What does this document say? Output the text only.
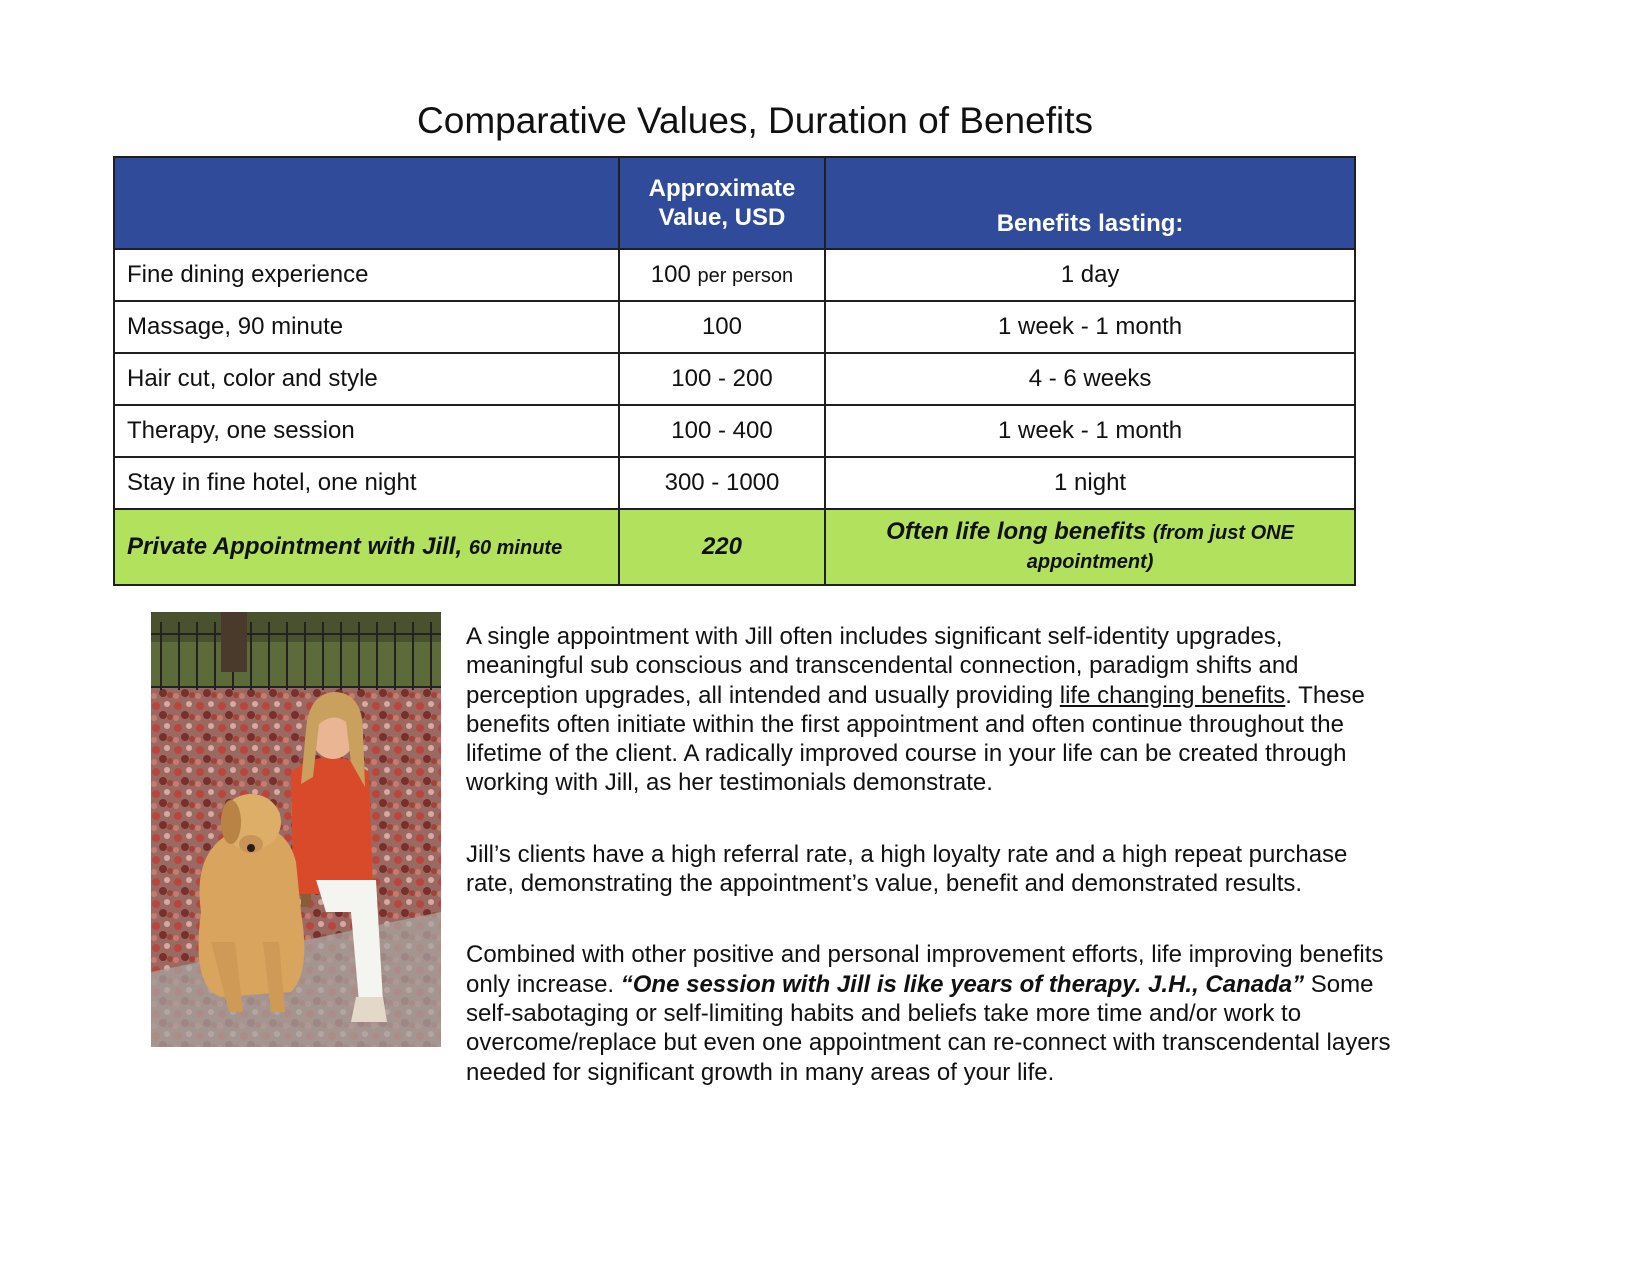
Comparative Values, Duration of Benefits
	Approximate Value, USD	Benefits lasting:
Fine dining experience	100 per person	1 day
Massage, 90 minute	100	1 week - 1 month
Hair cut, color and style	100 - 200	4 - 6 weeks
Therapy, one session	100 - 400	1 week - 1 month
Stay in fine hotel, one night	300 - 1000	1 night
Private Appointment with Jill, 60 minute	220	Often life long benefits (from just ONE appointment)

A single appointment with Jill often includes significant self-identity upgrades, meaningful sub conscious and transcendental connection, paradigm shifts and perception upgrades, all intended and usually providing life changing benefits. These benefits often initiate within the first appointment and often continue throughout the lifetime of the client. A radically improved course in your life can be created through working with Jill, as her testimonials demonstrate.

Jill’s clients have a high referral rate, a high loyalty rate and a high repeat purchase rate, demonstrating the appointment’s value, benefit and demonstrated results.

Combined with other positive and personal improvement efforts, life improving benefits only increase. “One session with Jill is like years of therapy. J.H., Canada” Some self-sabotaging or self-limiting habits and beliefs take more time and/or work to overcome/replace but even one appointment can re-connect with transcendental layers needed for significant growth in many areas of your life.
